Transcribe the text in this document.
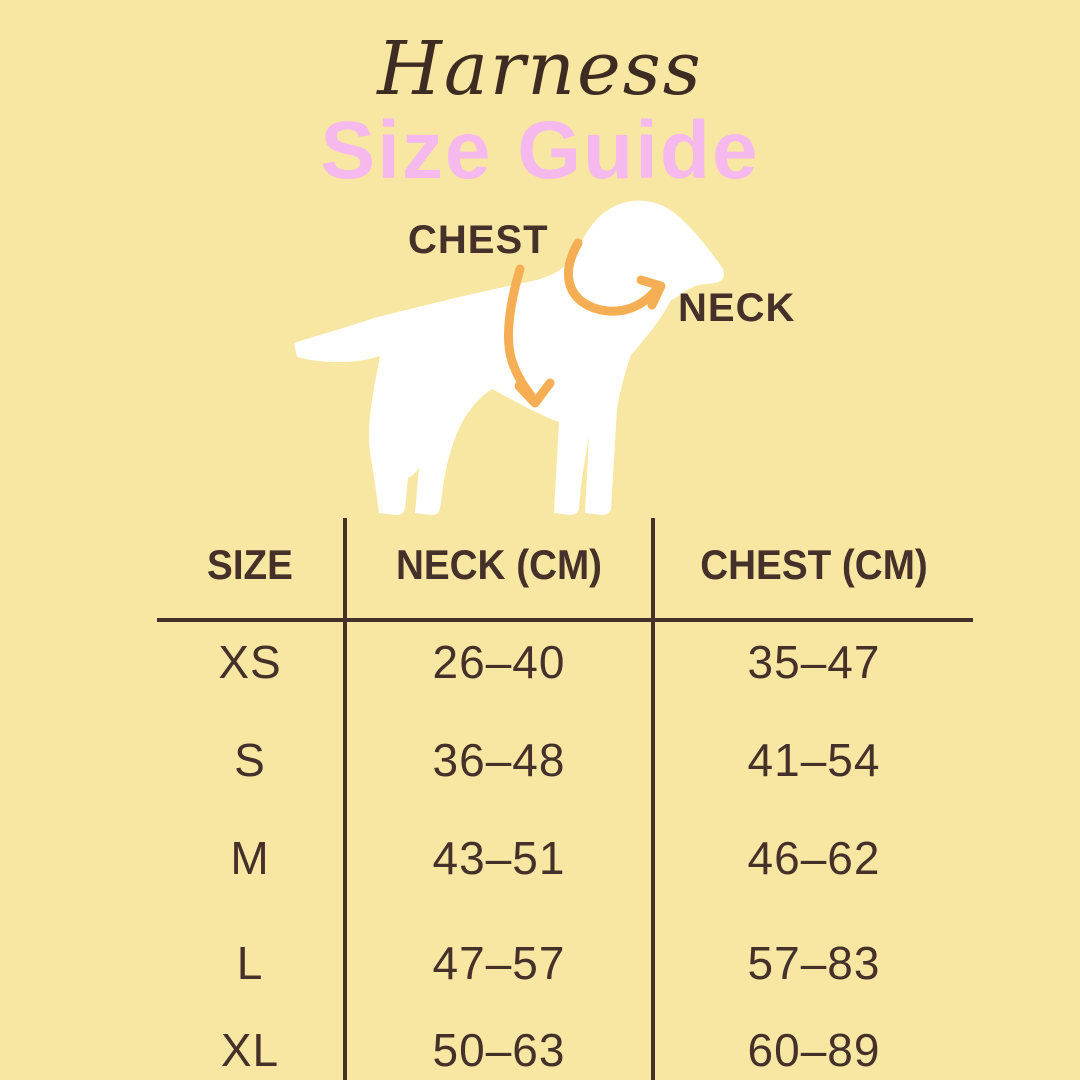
Harness
Size Guide
CHEST
NECK
SIZE	NECK (CM)	CHEST (CM)
XS	26–40	35–47
S	36–48	41–54
M	43–51	46–62
L	47–57	57–83
XL	50–63	60–89
